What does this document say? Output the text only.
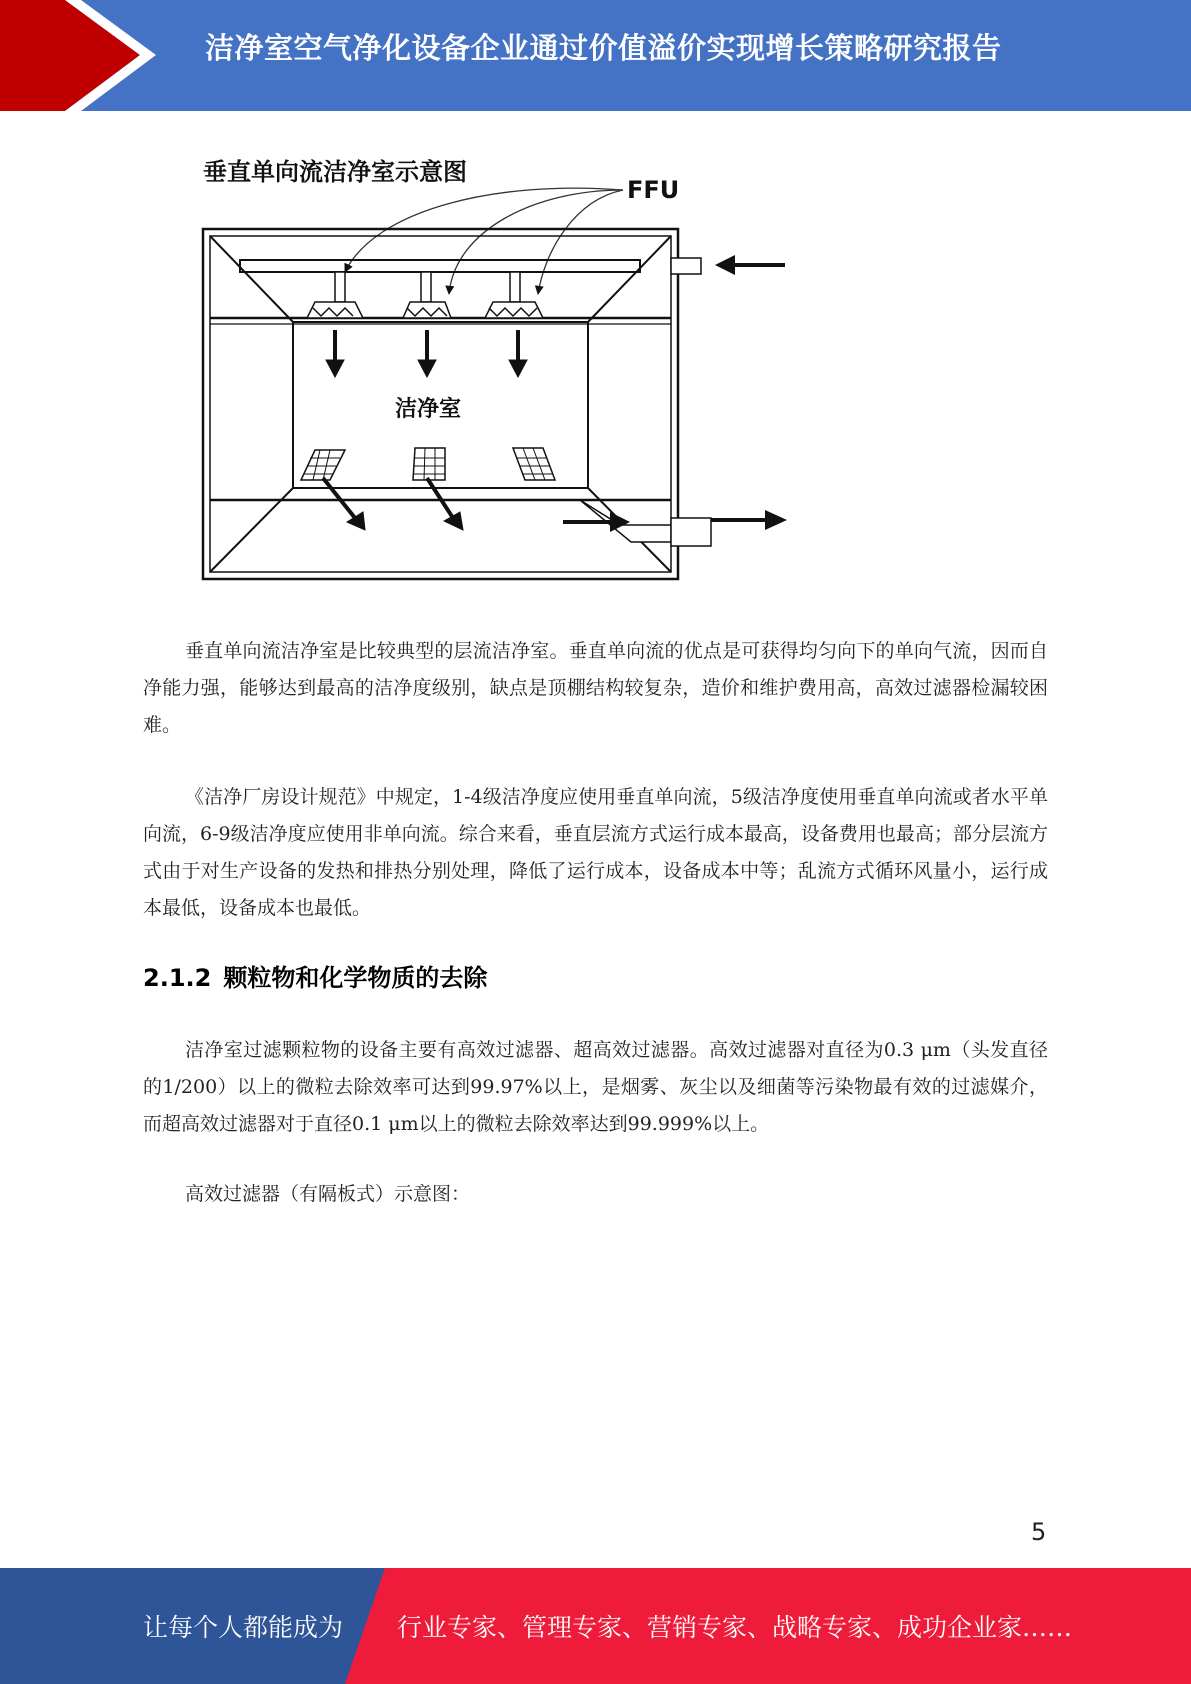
洁净室空气净化设备企业通过价值溢价实现增长策略研究报告
垂直单向流洁净室示意图
FFU
洁净室

垂直单向流洁净室是比较典型的层流洁净室。垂直单向流的优点是可获得均匀向下的单向气流，因而自净能力强，能够达到最高的洁净度级别，缺点是顶棚结构较复杂，造价和维护费用高，高效过滤器检漏较困难。

《洁净厂房设计规范》中规定，1-4级洁净度应使用垂直单向流，5级洁净度使用垂直单向流或者水平单向流，6-9级洁净度应使用非单向流。综合来看，垂直层流方式运行成本最高，设备费用也最高；部分层流方式由于对生产设备的发热和排热分别处理，降低了运行成本，设备成本中等；乱流方式循环风量小，运行成本最低，设备成本也最低。

2.1.2 颗粒物和化学物质的去除

洁净室过滤颗粒物的设备主要有高效过滤器、超高效过滤器。高效过滤器对直径为0.3 μm（头发直径的1/200）以上的微粒去除效率可达到99.97%以上，是烟雾、灰尘以及细菌等污染物最有效的过滤媒介，而超高效过滤器对于直径0.1 μm以上的微粒去除效率达到99.999%以上。

高效过滤器（有隔板式）示意图：

5
让每个人都能成为 行业专家、管理专家、营销专家、战略专家、成功企业家……
